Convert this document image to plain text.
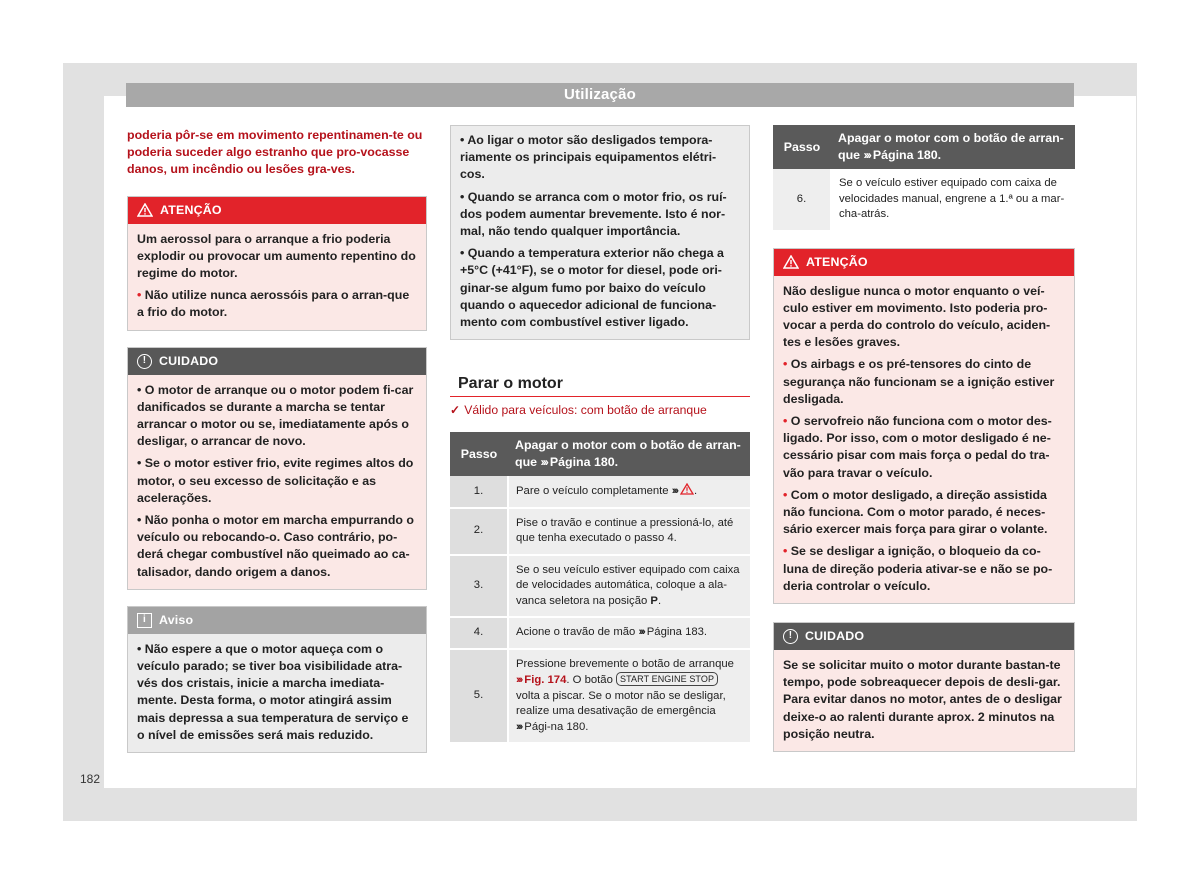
Utilização

poderia pôr-se em movimento repentinamen-te ou poderia suceder algo estranho que pro-vocasse danos, um incêndio ou lesões gra-ves.

ATENÇÃO

Um aerossol para o arranque a frio poderia explodir ou provocar um aumento repentino do regime do motor.

• Não utilize nunca aerossóis para o arran-que a frio do motor.

!	CUIDADO

• O motor de arranque ou o motor podem fi-car danificados se durante a marcha se tentar arrancar o motor ou se, imediatamente após o desligar, o arrancar de novo.

• Se o motor estiver frio, evite regimes altos do motor, o seu excesso de solicitação e as acelerações.

• Não ponha o motor em marcha empurrando o veículo ou rebocando-o. Caso contrário, po-derá chegar combustível não queimado ao ca-talisador, dando origem a danos.

i	Aviso

• Não espere a que o motor aqueça com o veículo parado; se tiver boa visibilidade atra-vés dos cristais, inicie a marcha imediata-mente. Desta forma, o motor atingirá assim mais depressa a sua temperatura de serviço e o nível de emissões será mais reduzido.

• Ao ligar o motor são desligados tempora-riamente os principais equipamentos elétri-cos.

• Quando se arranca com o motor frio, os ruí-dos podem aumentar brevemente. Isto é nor-mal, não tendo qualquer importância.

• Quando a temperatura exterior não chega a +5°C (+41°F), se o motor for diesel, pode ori-ginar-se algum fumo por baixo do veículo quando o aquecedor adicional de funciona-mento com combustível estiver ligado.

Parar o motor
✓ Válido para veículos: com botão de arranque
Passo	Apagar o motor com o botão de arran-que ››› Página 180.
1.	Pare o veículo completamente ››› .
2.	Pise o travão e continue a pressioná-lo, até que tenha executado o passo 4.
3.	Se o seu veículo estiver equipado com caixa de velocidades automática, coloque a ala-vanca seletora na posição P.
4.	Acione o travão de mão ››› Página 183.
5.	Pressione brevemente o botão de arranque ››› Fig. 174. O botão START ENGINE STOP volta a piscar. Se o motor não se desligar, realize uma desativação de emergência ››› Pági-na 180.
Passo	Apagar o motor com o botão de arran-que ››› Página 180.
6.	Se o veículo estiver equipado com caixa de velocidades manual, engrene a 1.ª ou a mar-cha-atrás.
ATENÇÃO

Não desligue nunca o motor enquanto o veí-culo estiver em movimento. Isto poderia pro-vocar a perda do controlo do veículo, aciden-tes e lesões graves.

• Os airbags e os pré-tensores do cinto de segurança não funcionam se a ignição estiver desligada.

• O servofreio não funciona com o motor des-ligado. Por isso, com o motor desligado é ne-cessário pisar com mais força o pedal do tra-vão para travar o veículo.

• Com o motor desligado, a direção assistida não funciona. Com o motor parado, é neces-sário exercer mais força para girar o volante.

• Se se desligar a ignição, o bloqueio da co-luna de direção poderia ativar-se e não se po-deria controlar o veículo.

!	CUIDADO

Se se solicitar muito o motor durante bastan-te tempo, pode sobreaquecer depois de desli-gar. Para evitar danos no motor, antes de o desligar deixe-o ao ralenti durante aprox. 2 minutos na posição neutra.

182
